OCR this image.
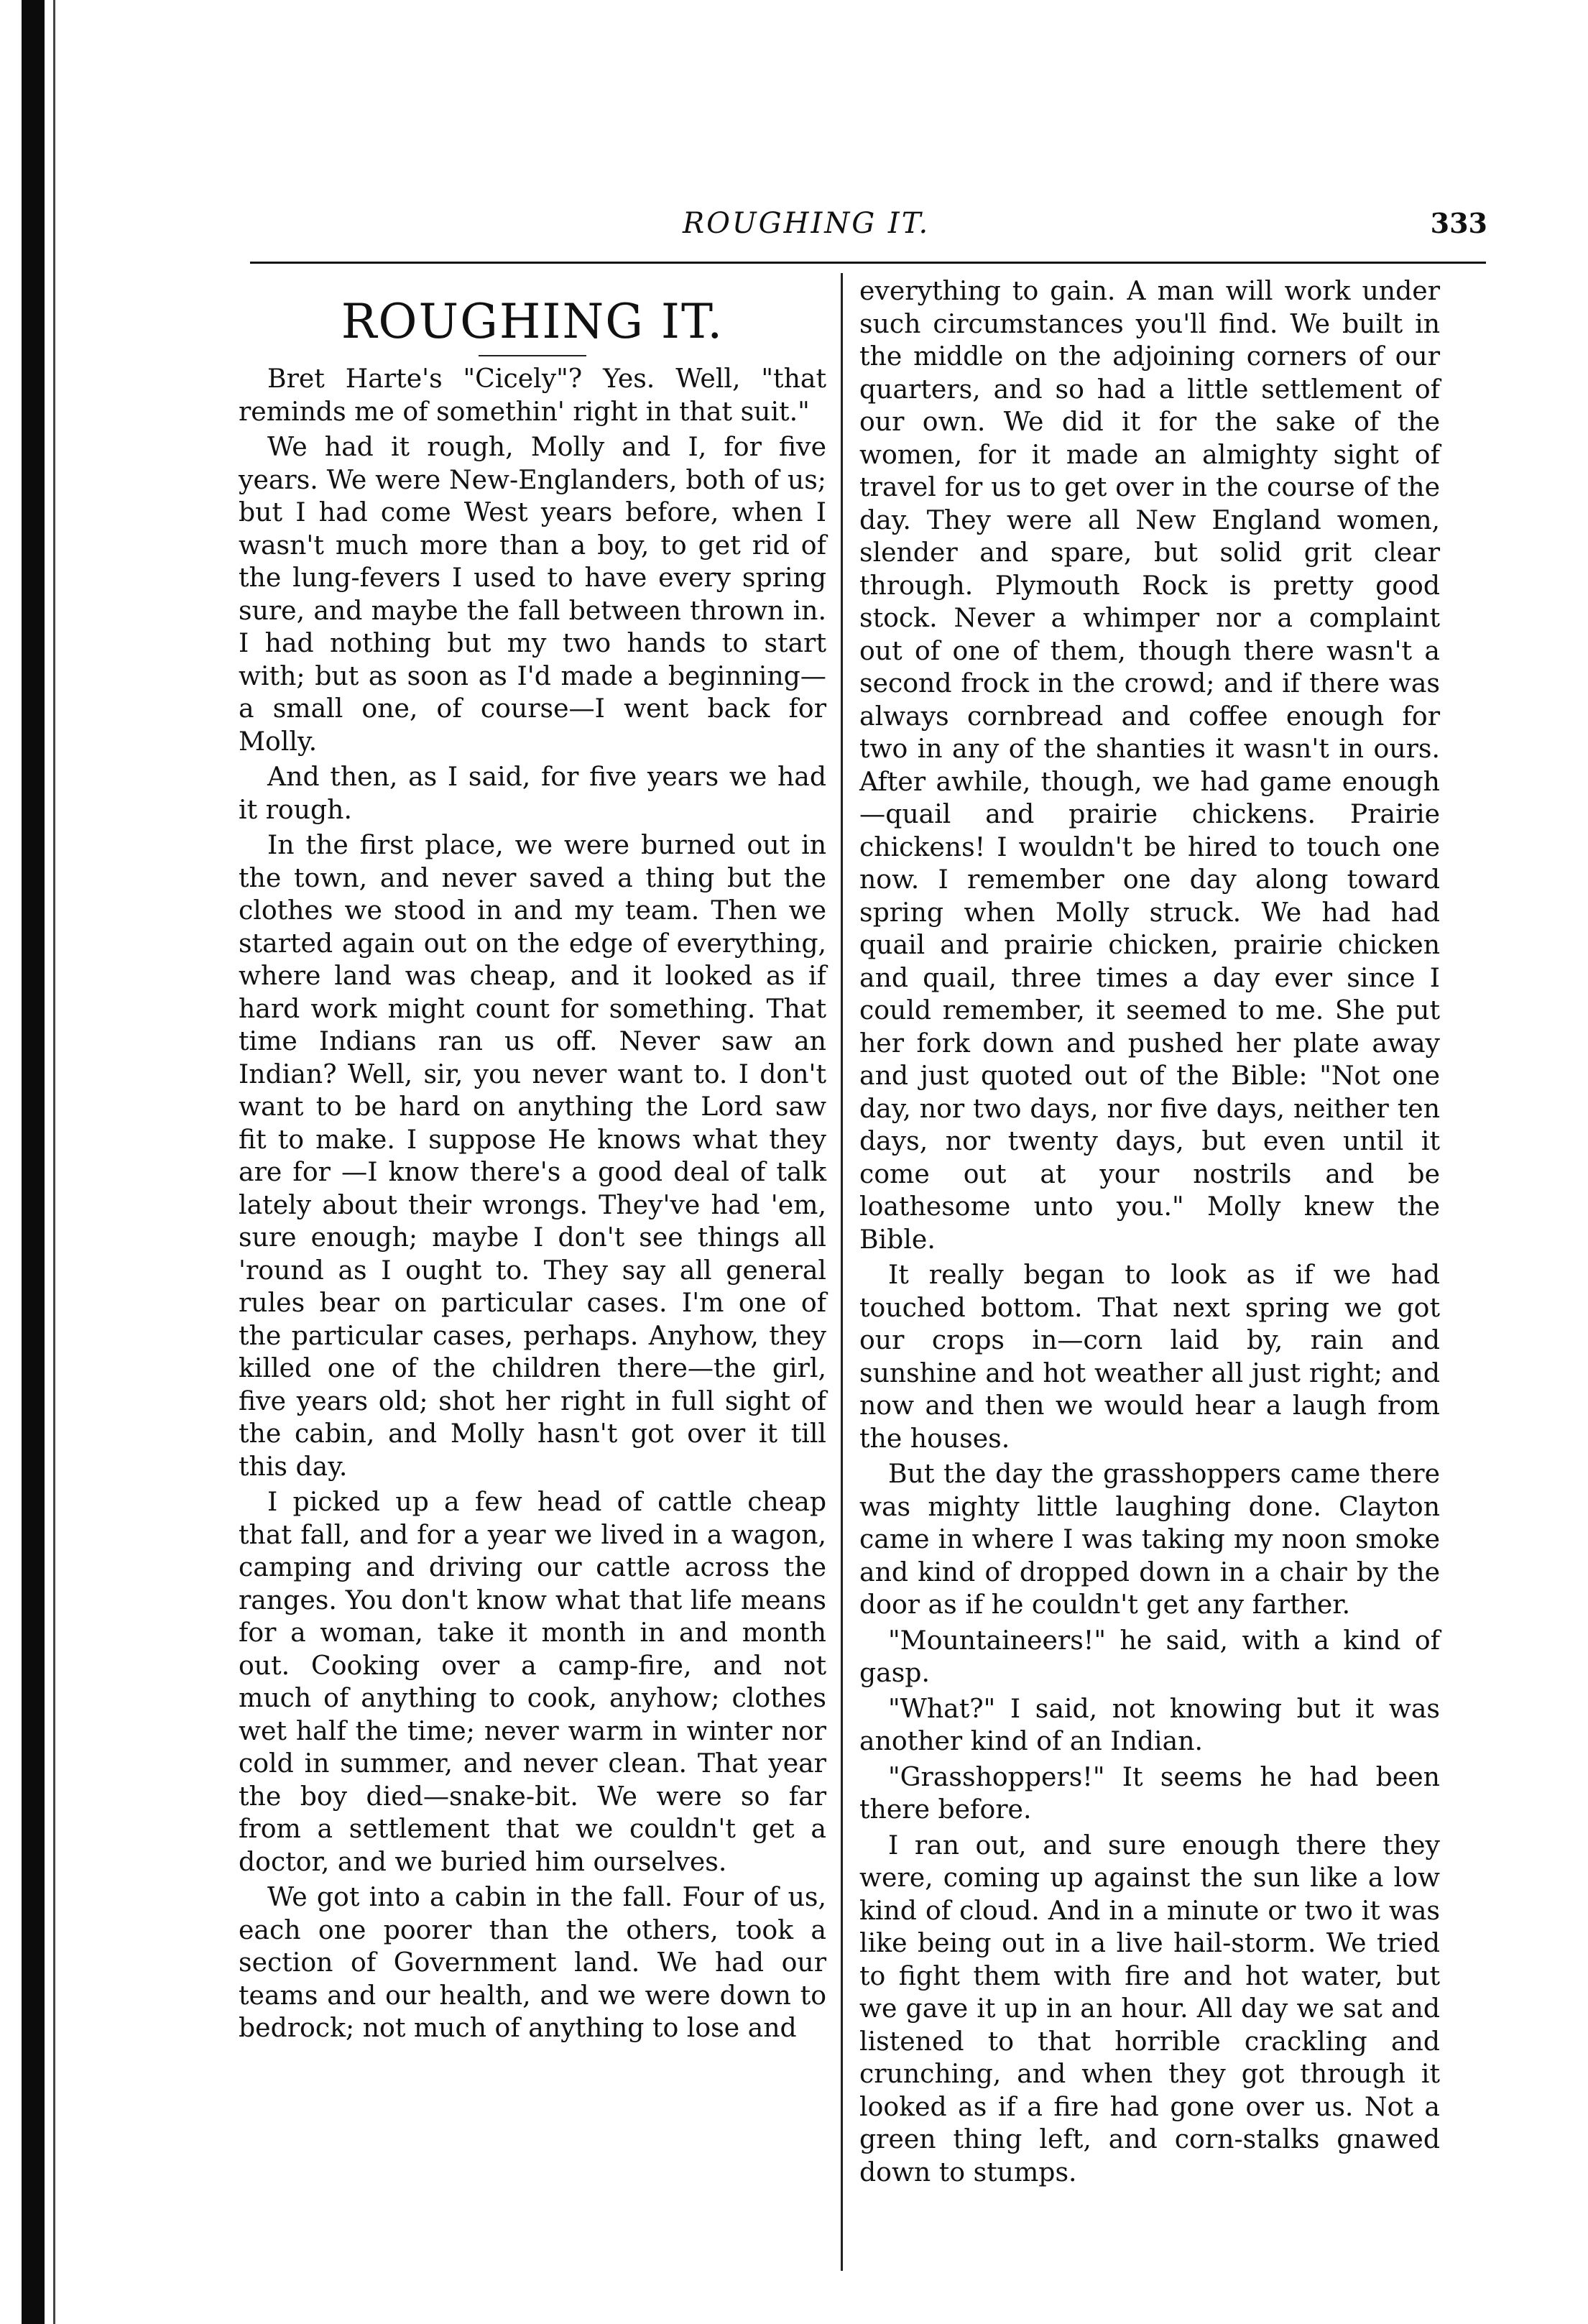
ROUGHING IT.	333
ROUGHING IT.

Bret Harte's "Cicely"? Yes. Well, "that reminds me of somethin' right in that suit."

We had it rough, Molly and I, for five years. We were New-Englanders, both of us; but I had come West years before, when I wasn't much more than a boy, to get rid of the lung-fevers I used to have every spring sure, and maybe the fall between thrown in. I had nothing but my two hands to start with; but as soon as I'd made a beginning—a small one, of course—I went back for Molly.

And then, as I said, for five years we had it rough.

In the first place, we were burned out in the town, and never saved a thing but the clothes we stood in and my team. Then we started again out on the edge of everything, where land was cheap, and it looked as if hard work might count for something. That time Indians ran us off. Never saw an Indian? Well, sir, you never want to. I don't want to be hard on anything the Lord saw fit to make. I suppose He knows what they are for —I know there's a good deal of talk lately about their wrongs. They've had 'em, sure enough; maybe I don't see things all 'round as I ought to. They say all general rules bear on particular cases. I'm one of the particular cases, perhaps. Anyhow, they killed one of the children there—the girl, five years old; shot her right in full sight of the cabin, and Molly hasn't got over it till this day.

I picked up a few head of cattle cheap that fall, and for a year we lived in a wagon, camping and driving our cattle across the ranges. You don't know what that life means for a woman, take it month in and month out. Cooking over a camp-fire, and not much of anything to cook, anyhow; clothes wet half the time; never warm in winter nor cold in summer, and never clean. That year the boy died—snake-bit. We were so far from a settlement that we couldn't get a doctor, and we buried him ourselves.

We got into a cabin in the fall. Four of us, each one poorer than the others, took a section of Government land. We had our teams and our health, and we were down to bedrock; not much of anything to lose and

everything to gain. A man will work under such circumstances you'll find. We built in the middle on the adjoining corners of our quarters, and so had a little settlement of our own. We did it for the sake of the women, for it made an almighty sight of travel for us to get over in the course of the day. They were all New England women, slender and spare, but solid grit clear through. Plymouth Rock is pretty good stock. Never a whimper nor a complaint out of one of them, though there wasn't a second frock in the crowd; and if there was always cornbread and coffee enough for two in any of the shanties it wasn't in ours. After awhile, though, we had game enough—quail and prairie chickens. Prairie chickens! I wouldn't be hired to touch one now. I remember one day along toward spring when Molly struck. We had had quail and prairie chicken, prairie chicken and quail, three times a day ever since I could remember, it seemed to me. She put her fork down and pushed her plate away and just quoted out of the Bible: "Not one day, nor two days, nor five days, neither ten days, nor twenty days, but even until it come out at your nostrils and be loathesome unto you." Molly knew the Bible.

It really began to look as if we had touched bottom. That next spring we got our crops in—corn laid by, rain and sunshine and hot weather all just right; and now and then we would hear a laugh from the houses.

But the day the grasshoppers came there was mighty little laughing done. Clayton came in where I was taking my noon smoke and kind of dropped down in a chair by the door as if he couldn't get any farther.

"Mountaineers!" he said, with a kind of gasp.

"What?" I said, not knowing but it was another kind of an Indian.

"Grasshoppers!" It seems he had been there before.

I ran out, and sure enough there they were, coming up against the sun like a low kind of cloud. And in a minute or two it was like being out in a live hail-storm. We tried to fight them with fire and hot water, but we gave it up in an hour. All day we sat and listened to that horrible crackling and crunching, and when they got through it looked as if a fire had gone over us. Not a green thing left, and corn-stalks gnawed down to stumps.
